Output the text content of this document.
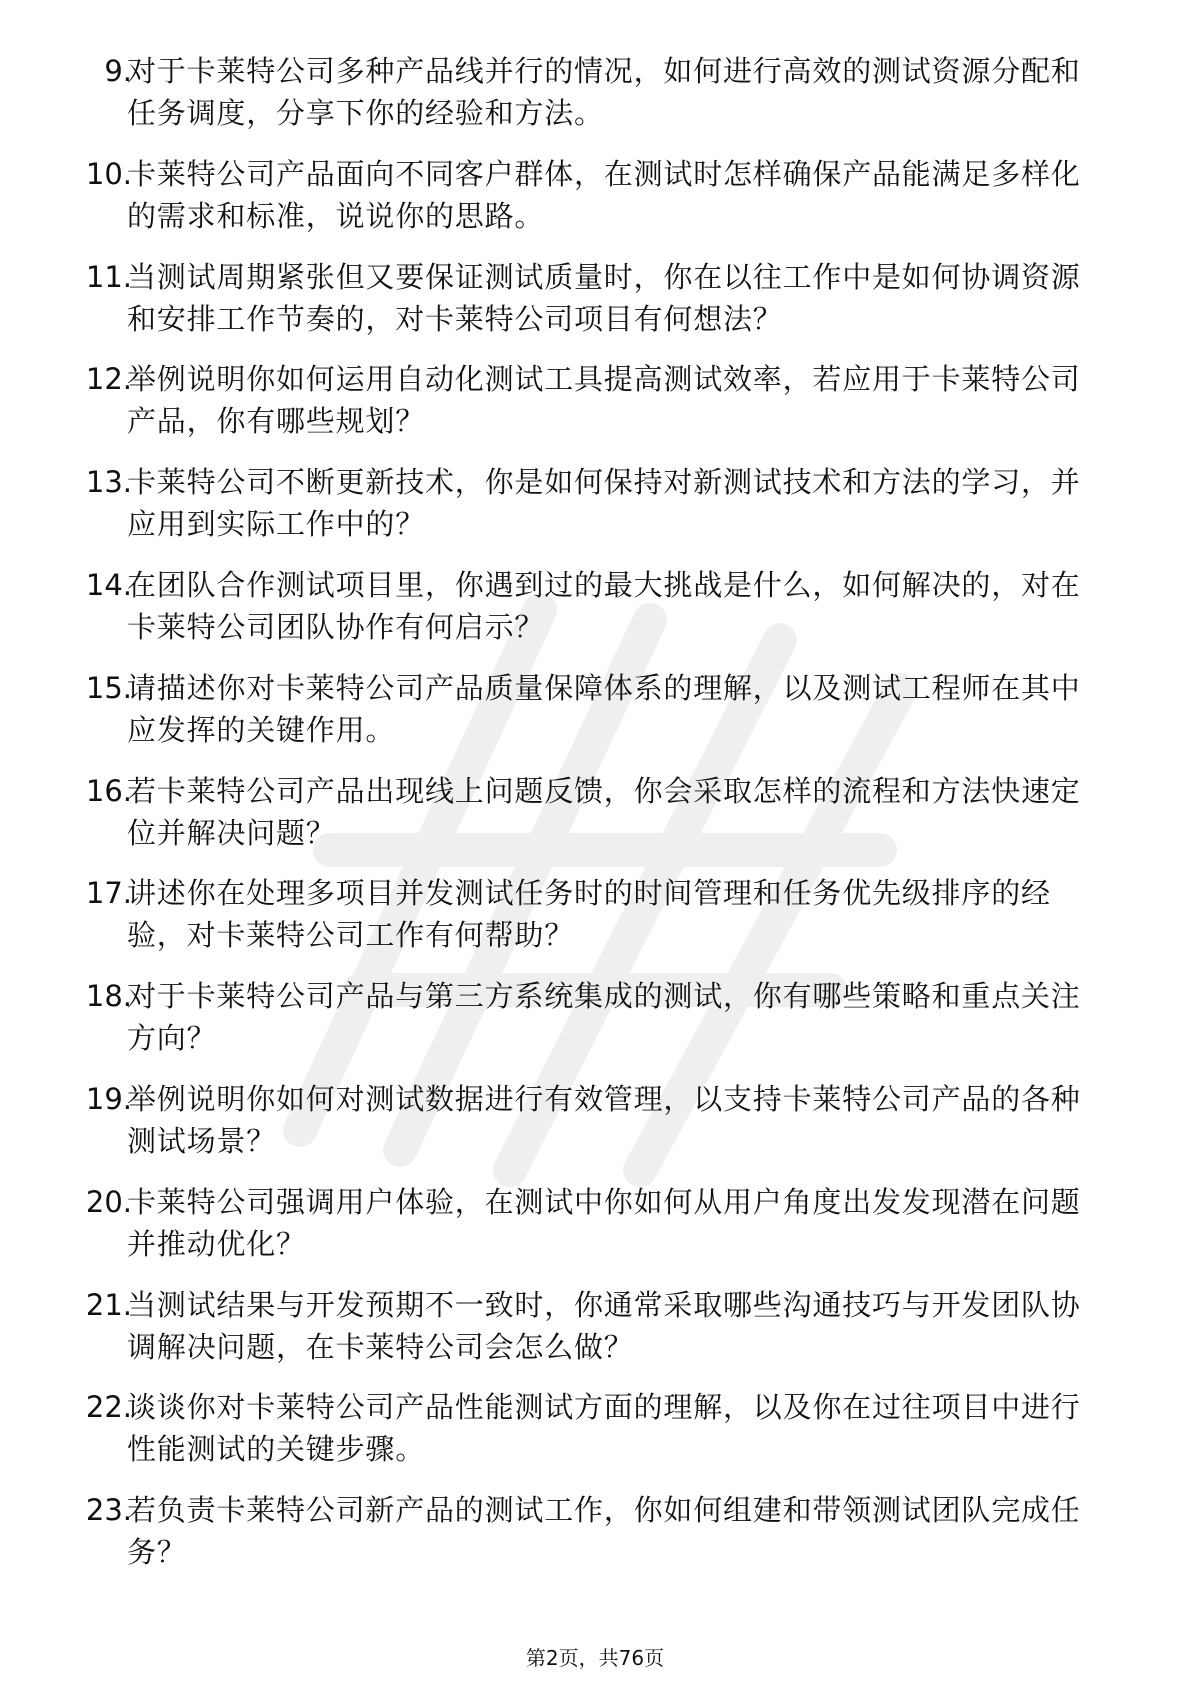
9.
对于卡莱特公司多种产品线并行的情况，如何进行高效的测试资源分配和任务调度，分享下你的经验和方法。
10.
卡莱特公司产品面向不同客户群体，在测试时怎样确保产品能满足多样化的需求和标准，说说你的思路。
11.
当测试周期紧张但又要保证测试质量时，你在以往工作中是如何协调资源和安排工作节奏的，对卡莱特公司项目有何想法？
12.
举例说明你如何运用自动化测试工具提高测试效率，若应用于卡莱特公司产品，你有哪些规划？
13.
卡莱特公司不断更新技术，你是如何保持对新测试技术和方法的学习，并应用到实际工作中的？
14.
在团队合作测试项目里，你遇到过的最大挑战是什么，如何解决的，对在卡莱特公司团队协作有何启示？
15.
请描述你对卡莱特公司产品质量保障体系的理解，以及测试工程师在其中应发挥的关键作用。
16.
若卡莱特公司产品出现线上问题反馈，你会采取怎样的流程和方法快速定位并解决问题？
17.
讲述你在处理多项目并发测试任务时的时间管理和任务优先级排序的经验，对卡莱特公司工作有何帮助？
18.
对于卡莱特公司产品与第三方系统集成的测试，你有哪些策略和重点关注方向？
19.
举例说明你如何对测试数据进行有效管理，以支持卡莱特公司产品的各种测试场景？
20.
卡莱特公司强调用户体验，在测试中你如何从用户角度出发发现潜在问题并推动优化？
21.
当测试结果与开发预期不一致时，你通常采取哪些沟通技巧与开发团队协调解决问题，在卡莱特公司会怎么做？
22.
谈谈你对卡莱特公司产品性能测试方面的理解，以及你在过往项目中进行性能测试的关键步骤。
23.
若负责卡莱特公司新产品的测试工作，你如何组建和带领测试团队完成任务？
第2页，共76页
